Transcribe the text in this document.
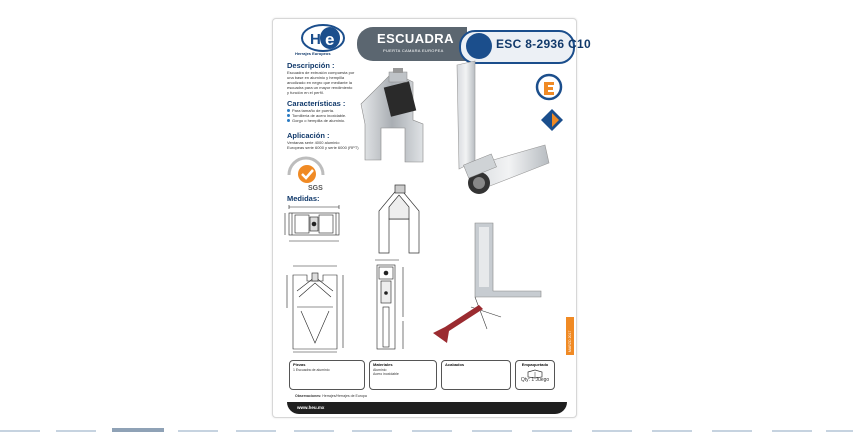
H e
Herrajes Europeos
ESCUADRA
PUERTA CAMARA EUROPEA	ESC 8-2936 C10
Descripción :
Escuadra de extrusión compuesta por
una base en aluminio y hempilla
anodizado en negro que mediante la
escuadra para un mayor rendimiento
y función en el perfil.
Características :
Para tamaño de puerta.
Tornillería de acero inoxidable.
Gorgo o hempilla de aluminio.
Aplicación :
Ventanas serie 4000 aluminio
Europeas serie 6000 y serie 6000 (RPT)
SGS
Medidas:
Piezas
1 Escuadra de aluminio
Materiales
Aluminio
Acero inoxidable
Acabados	Empaquetado
Qty: 1 Juego
Observaciones: Herrajes/Herrajes de Europa
MARZO 2017
www.heu.mx
